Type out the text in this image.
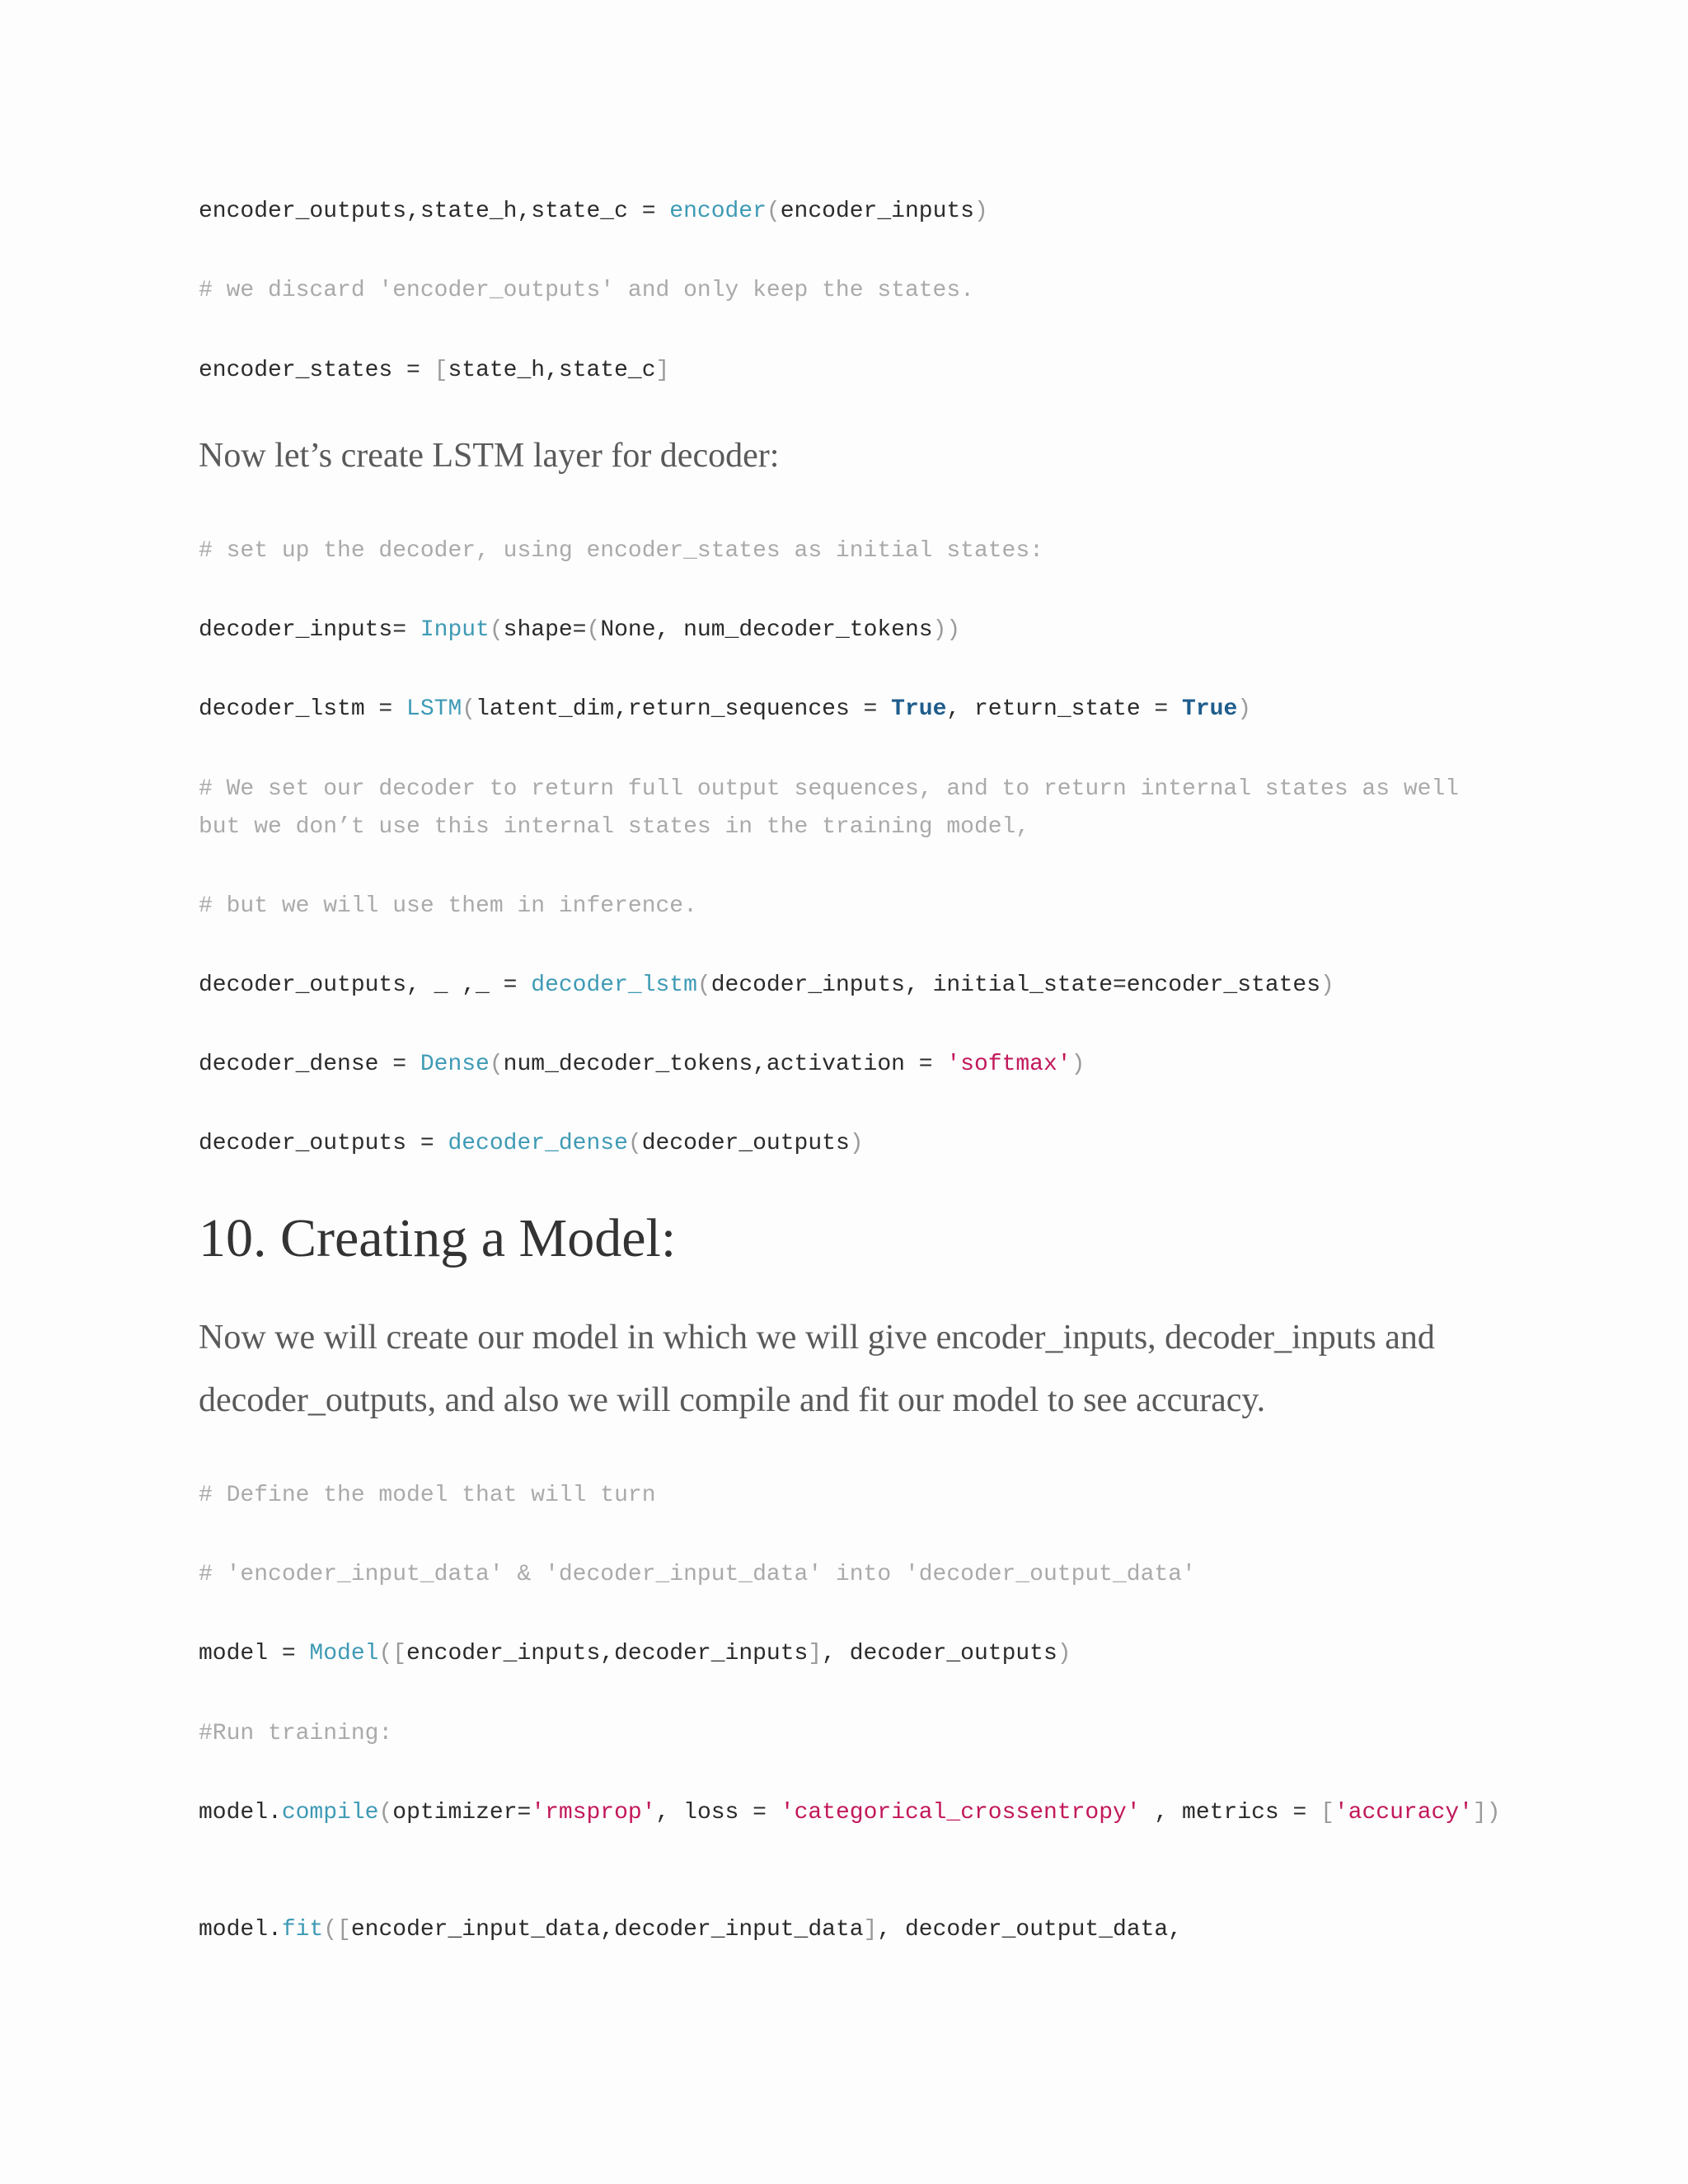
encoder_outputs,state_h,state_c = encoder(encoder_inputs)
# we discard 'encoder_outputs' and only keep the states.
encoder_states = [state_h,state_c]

Now let’s create LSTM layer for decoder:

# set up the decoder, using encoder_states as initial states:
decoder_inputs= Input(shape=(None, num_decoder_tokens))
decoder_lstm = LSTM(latent_dim,return_sequences = True, return_state = True)
# We set our decoder to return full output sequences, and to return internal states as well but we don’t use this internal states in the training model,
# but we will use them in inference.
decoder_outputs, _ ,_ = decoder_lstm(decoder_inputs, initial_state=encoder_states)
decoder_dense = Dense(num_decoder_tokens,activation = 'softmax')
decoder_outputs = decoder_dense(decoder_outputs)
10. Creating a Model:

Now we will create our model in which we will give encoder_inputs, decoder_inputs and decoder_outputs, and also we will compile and fit our model to see accuracy.

# Define the model that will turn
# 'encoder_input_data' & 'decoder_input_data' into 'decoder_output_data'
model = Model([encoder_inputs,decoder_inputs], decoder_outputs)
#Run training:
model.compile(optimizer='rmsprop', loss = 'categorical_crossentropy' , metrics = ['accuracy'])
model.fit([encoder_input_data,decoder_input_data], decoder_output_data,
